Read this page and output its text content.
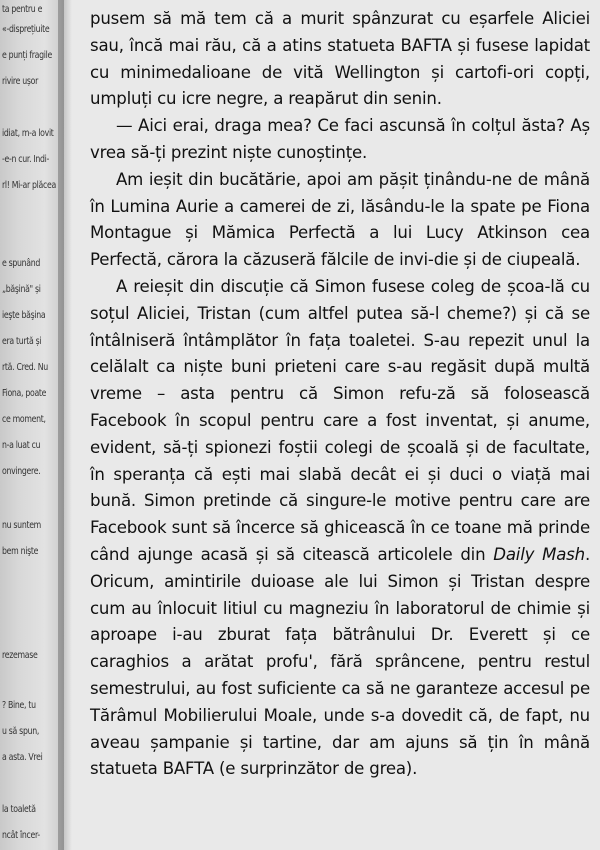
ta pentru e
«-disprețiuite
e punți fragile
rivire ușor
idiat, m-a lovit
-e-n cur. Indi-
rl! Mi-ar plăcea
e spunând
„băşină" și
ieşte băşina
era turtă și
rtă. Cred. Nu
Fiona, poate
ce moment,
n-a luat cu
onvingere.
nu suntem
bem nişte
rezemase
? Bine, tu
u să spun,
a asta. Vrei
la toaletă
ncât încer-

pusem să mă tem că a murit spânzurat cu eșarfele Aliciei sau, încă mai rău, că a atins statueta BAFTA și fusese lapidat cu minimedalioane de vită Wellington și cartofi-ori copți, umpluți cu icre negre, a reapărut din senin.

— Aici erai, draga mea? Ce faci ascunsă în colțul ăsta? Aș vrea să-ți prezint niște cunoștințe.

Am ieșit din bucătărie, apoi am pășit ținându-ne de mână în Lumina Aurie a camerei de zi, lăsându-le la spate pe Fiona Montague și Mămica Perfectă a lui Lucy Atkinson cea Perfectă, cărora la căzuseră fălcile de invi-die și de ciupeală.

A reieșit din discuție că Simon fusese coleg de școa-lă cu soțul Aliciei, Tristan (cum altfel putea să-l cheme?) și că se întâlniseră întâmplător în fața toaletei. S-au repezit unul la celălalt ca niște buni prieteni care s-au regăsit după multă vreme – asta pentru că Simon refu-ză să folosească Facebook în scopul pentru care a fost inventat, și anume, evident, să-ți spionezi foștii colegi de școală și de facultate, în speranța că ești mai slabă decât ei și duci o viață mai bună. Simon pretinde că singure-le motive pentru care are Facebook sunt să încerce să ghicească în ce toane mă prinde când ajunge acasă și să citească articolele din Daily Mash. Oricum, amintirile duioase ale lui Simon și Tristan despre cum au înlocuit litiul cu magneziu în laboratorul de chimie și aproape i-au zburat fața bătrânului Dr. Everett și ce caraghios a arătat profu', fără sprâncene, pentru restul semestrului, au fost suficiente ca să ne garanteze accesul pe Tărâmul Mobilierului Moale, unde s-a dovedit că, de fapt, nu aveau șampanie și tartine, dar am ajuns să țin în mână statueta BAFTA (e surprinzător de grea).
